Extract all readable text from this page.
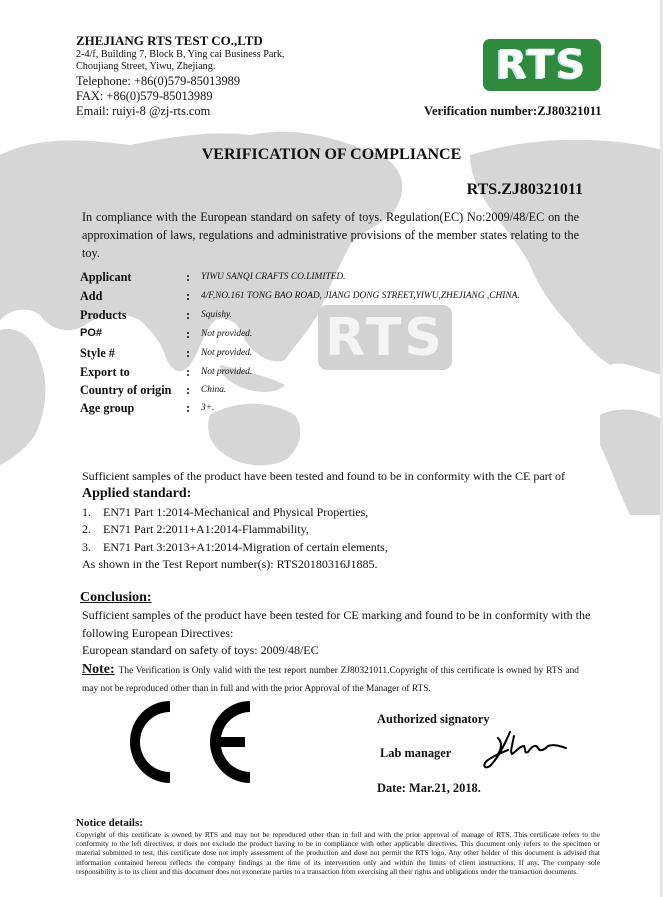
RTS
ZHEJIANG RTS TEST CO.,LTD
2-4/f, Building 7, Block B, Ying cai Business Park,
Choujiang Street, Yiwu, Zhejiang.
Telephone: +86(0)579-85013989
FAX: +86(0)579-85013989
Email: ruiyi-8 @zj-rts.com
RTS
Verification number:ZJ80321011
VERIFICATION OF COMPLIANCE
RTS.ZJ80321011
In compliance with the European standard on safety of toys. Regulation(EC) No:2009/48/EC on the approximation of laws, regulations and administrative provisions of the member states relating to the toy.
Applicant	: YIWU SANQI CRAFTS CO.LIMITED.
Add	: 4/F,NO.161 TONG BAO ROAD, JIANG DONG STREET,YIWU,ZHEJIANG ,CHINA.
Products	: Squishy.
PO#	: Not provided.
Style #	: Not provided.
Export to	: Not provided.
Country of origin : China.
Age group	: 3+.
Sufficient samples of the product have been tested and found to be in conformity with the CE part of
Applied standard:
1. EN71 Part 1:2014-Mechanical and Physical Properties,
2. EN71 Part 2:2011+A1:2014-Flammability,
3. EN71 Part 3:2013+A1:2014-Migration of certain elements,
As shown in the Test Report number(s): RTS20180316J1885.
Conclusion:
Sufficient samples of the product have been tested for CE marking and found to be in conformity with the
following European Directives:
European standard on safety of toys: 2009/48/EC
Note: The Verification is Only valid with the test report number ZJ80321011.Copyright of this certificate is owned by RTS and may not be reproduced other than in full and with the prior Approval of the Manager of RTS.
Authorized signatory
Lab manager
Date: Mar.21, 2018.
Notice details:
Copyright of this certificate is owned by RTS and may not be reproduced other than in full and with the prior approval of manage of RTS, This certificate refers to the conformity to the left directives, it does not exclude the product having to be in compliance with other applicable directives, This document only refers to the specimen or material submitted to test, this certificate dose not imply assessment of the production and dose not permit the RTS logo, Any other holder of this document is advised that information contained hereon reflects the company findings at the time of its intervention only and within the limits of client instructions, If any, The company sole responsibility is to its client and this document does not exonerate parties to a transaction from exercising all their rights and obligations under the transaction documents.
